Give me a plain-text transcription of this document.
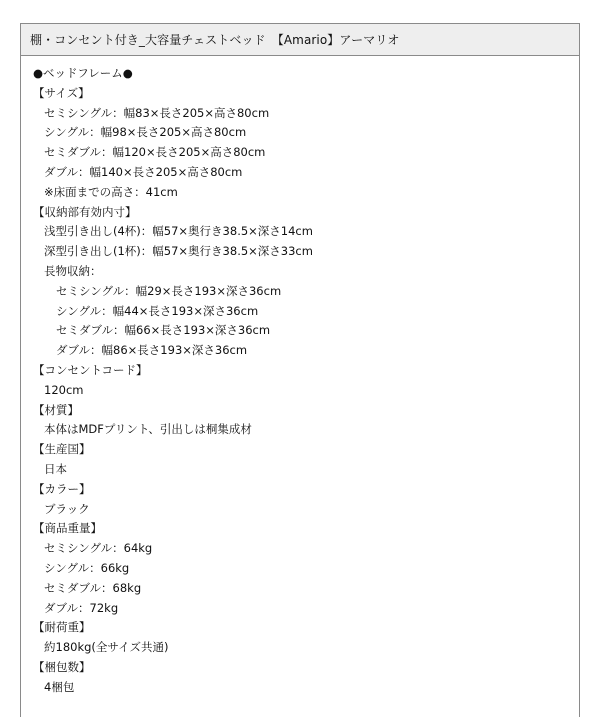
棚・コンセント付き_大容量チェストベッド　【Amario】アーマリオ
●ベッドフレーム●
【サイズ】
セミシングル：幅83×長さ205×高さ80cm
シングル：幅98×長さ205×高さ80cm
セミダブル：幅120×長さ205×高さ80cm
ダブル：幅140×長さ205×高さ80cm
※床面までの高さ：41cm
【収納部有効内寸】
浅型引き出し(4杯)：幅57×奥行き38.5×深さ14cm
深型引き出し(1杯)：幅57×奥行き38.5×深さ33cm
長物収納：
セミシングル：幅29×長さ193×深さ36cm
シングル：幅44×長さ193×深さ36cm
セミダブル：幅66×長さ193×深さ36cm
ダブル：幅86×長さ193×深さ36cm
【コンセントコード】
120cm
【材質】
本体はMDFプリント、引出しは桐集成材
【生産国】
日本
【カラー】
ブラック
【商品重量】
セミシングル：64kg
シングル：66kg
セミダブル：68kg
ダブル：72kg
【耐荷重】
約180kg(全サイズ共通)
【梱包数】
4梱包
